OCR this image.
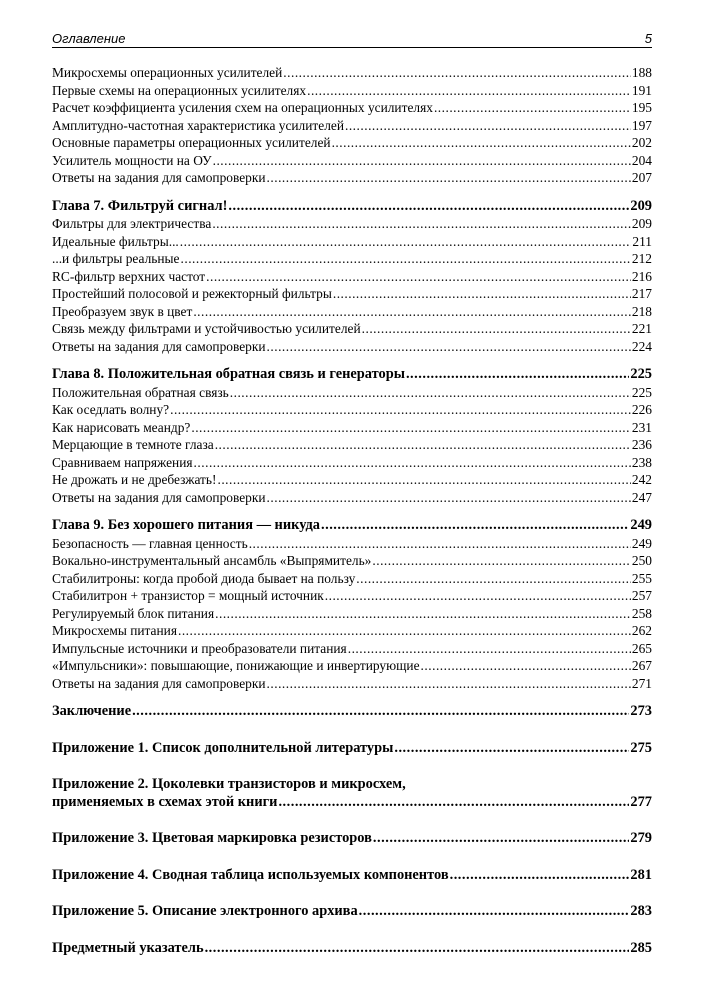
Оглавление	5
Микросхемы операционных усилителей .....	188
Первые схемы на операционных усилителях .....	191
Расчет коэффициента усиления схем на операционных усилителях .....	195
Амплитудно-частотная характеристика усилителей .....	197
Основные параметры операционных усилителей .....	202
Усилитель мощности на ОУ .....	204
Ответы на задания для самопроверки .....	207
Глава 7. Фильтруй сигнал! .....	209
Фильтры для электричества .....	209
Идеальные фильтры... .....	211
...и фильтры реальные .....	212
RC-фильтр верхних частот .....	216
Простейший полосовой и режекторный фильтры .....	217
Преобразуем звук в цвет .....	218
Связь между фильтрами и устойчивостью усилителей .....	221
Ответы на задания для самопроверки .....	224
Глава 8. Положительная обратная связь и генераторы .....	225
Положительная обратная связь .....	225
Как оседлать волну? .....	226
Как нарисовать меандр? .....	231
Мерцающие в темноте глаза .....	236
Сравниваем напряжения .....	238
Не дрожать и не дребезжать! .....	242
Ответы на задания для самопроверки .....	247
Глава 9. Без хорошего питания — никуда .....	249
Безопасность — главная ценность .....	249
Вокально-инструментальный ансамбль «Выпрямитель» .....	250
Стабилитроны: когда пробой диода бывает на пользу .....	255
Стабилитрон + транзистор = мощный источник .....	257
Регулируемый блок питания .....	258
Микросхемы питания .....	262
Импульсные источники и преобразователи питания .....	265
«Импульсники»: повышающие, понижающие и инвертирующие .....	267
Ответы на задания для самопроверки .....	271
Заключение .....	273
Приложение 1. Список дополнительной литературы .....	275
Приложение 2. Цоколевки транзисторов и микросхем,
применяемых в схемах этой книги .....	277
Приложение 3. Цветовая маркировка резисторов .....	279
Приложение 4. Сводная таблица используемых компонентов .....	281
Приложение 5. Описание электронного архива .....	283
Предметный указатель .....	285
